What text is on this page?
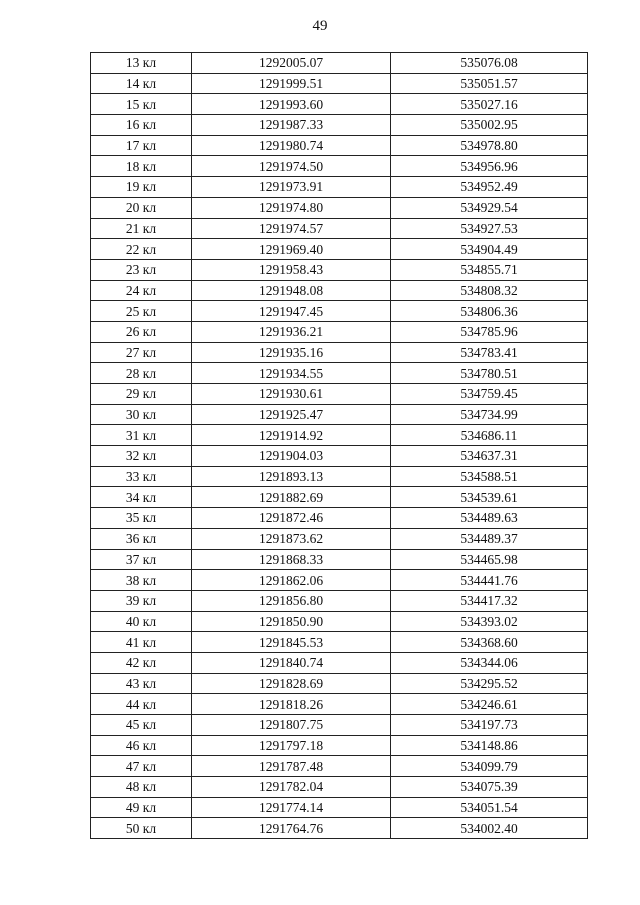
49
13 кл	1292005.07	535076.08
14 кл	1291999.51	535051.57
15 кл	1291993.60	535027.16
16 кл	1291987.33	535002.95
17 кл	1291980.74	534978.80
18 кл	1291974.50	534956.96
19 кл	1291973.91	534952.49
20 кл	1291974.80	534929.54
21 кл	1291974.57	534927.53
22 кл	1291969.40	534904.49
23 кл	1291958.43	534855.71
24 кл	1291948.08	534808.32
25 кл	1291947.45	534806.36
26 кл	1291936.21	534785.96
27 кл	1291935.16	534783.41
28 кл	1291934.55	534780.51
29 кл	1291930.61	534759.45
30 кл	1291925.47	534734.99
31 кл	1291914.92	534686.11
32 кл	1291904.03	534637.31
33 кл	1291893.13	534588.51
34 кл	1291882.69	534539.61
35 кл	1291872.46	534489.63
36 кл	1291873.62	534489.37
37 кл	1291868.33	534465.98
38 кл	1291862.06	534441.76
39 кл	1291856.80	534417.32
40 кл	1291850.90	534393.02
41 кл	1291845.53	534368.60
42 кл	1291840.74	534344.06
43 кл	1291828.69	534295.52
44 кл	1291818.26	534246.61
45 кл	1291807.75	534197.73
46 кл	1291797.18	534148.86
47 кл	1291787.48	534099.79
48 кл	1291782.04	534075.39
49 кл	1291774.14	534051.54
50 кл	1291764.76	534002.40
